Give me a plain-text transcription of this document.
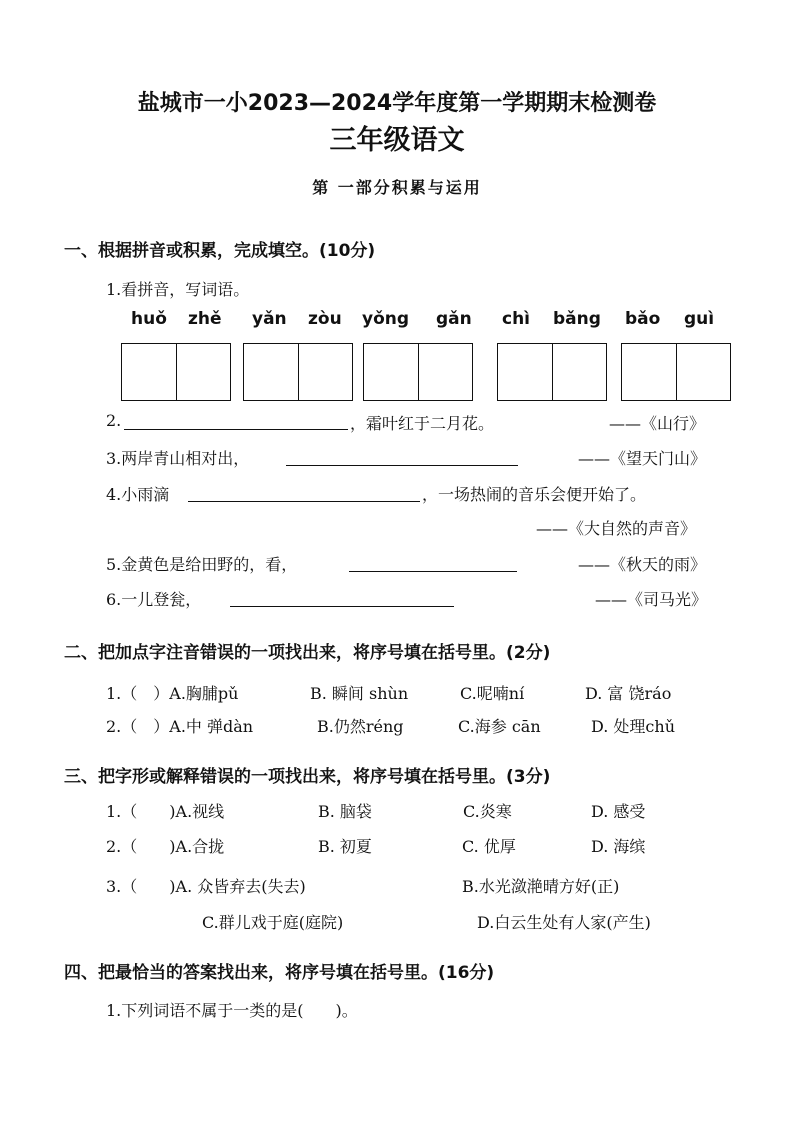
盐城市一小2023—2024学年度第一学期期末检测卷
三年级语文
第 一部分积累与运用
一、根据拼音或积累，完成填空。(10分)
1.看拼音，写词语。
huǒ zhě yǎn zòu yǒng gǎn chì bǎng bǎo guì
2.	，霜叶红于二月花。	——《山行》
3.两岸青山相对出，	——《望天门山》
4.小雨滴	，一场热闹的音乐会便开始了。
——《大自然的声音》
5.金黄色是给田野的，看，	——《秋天的雨》
6.一儿登瓮，	——《司马光》
二、把加点字注音错误的一项找出来，将序号填在括号里。(2分)
1.（　）A.胸脯pǔ	B. 瞬间 shùn	C.呢喃ní	D. 富 饶ráo
2.（　）A.中 弹dàn	B.仍然réng	C.海参 cān	D. 处理chǔ
三、把字形或解释错误的一项找出来，将序号填在括号里。(3分)
1.（　　)A.视线	B. 脑袋	C.炎寒	D. 感受
2.（　　)A.合拢	B. 初夏	C. 优厚	D. 海缤
3.（　　)A. 众皆弃去(失去)	B.水光潋滟晴方好(正)
C.群儿戏于庭(庭院)	D.白云生处有人家(产生)
四、把最恰当的答案找出来，将序号填在括号里。(16分)
1.下列词语不属于一类的是(　　)。
